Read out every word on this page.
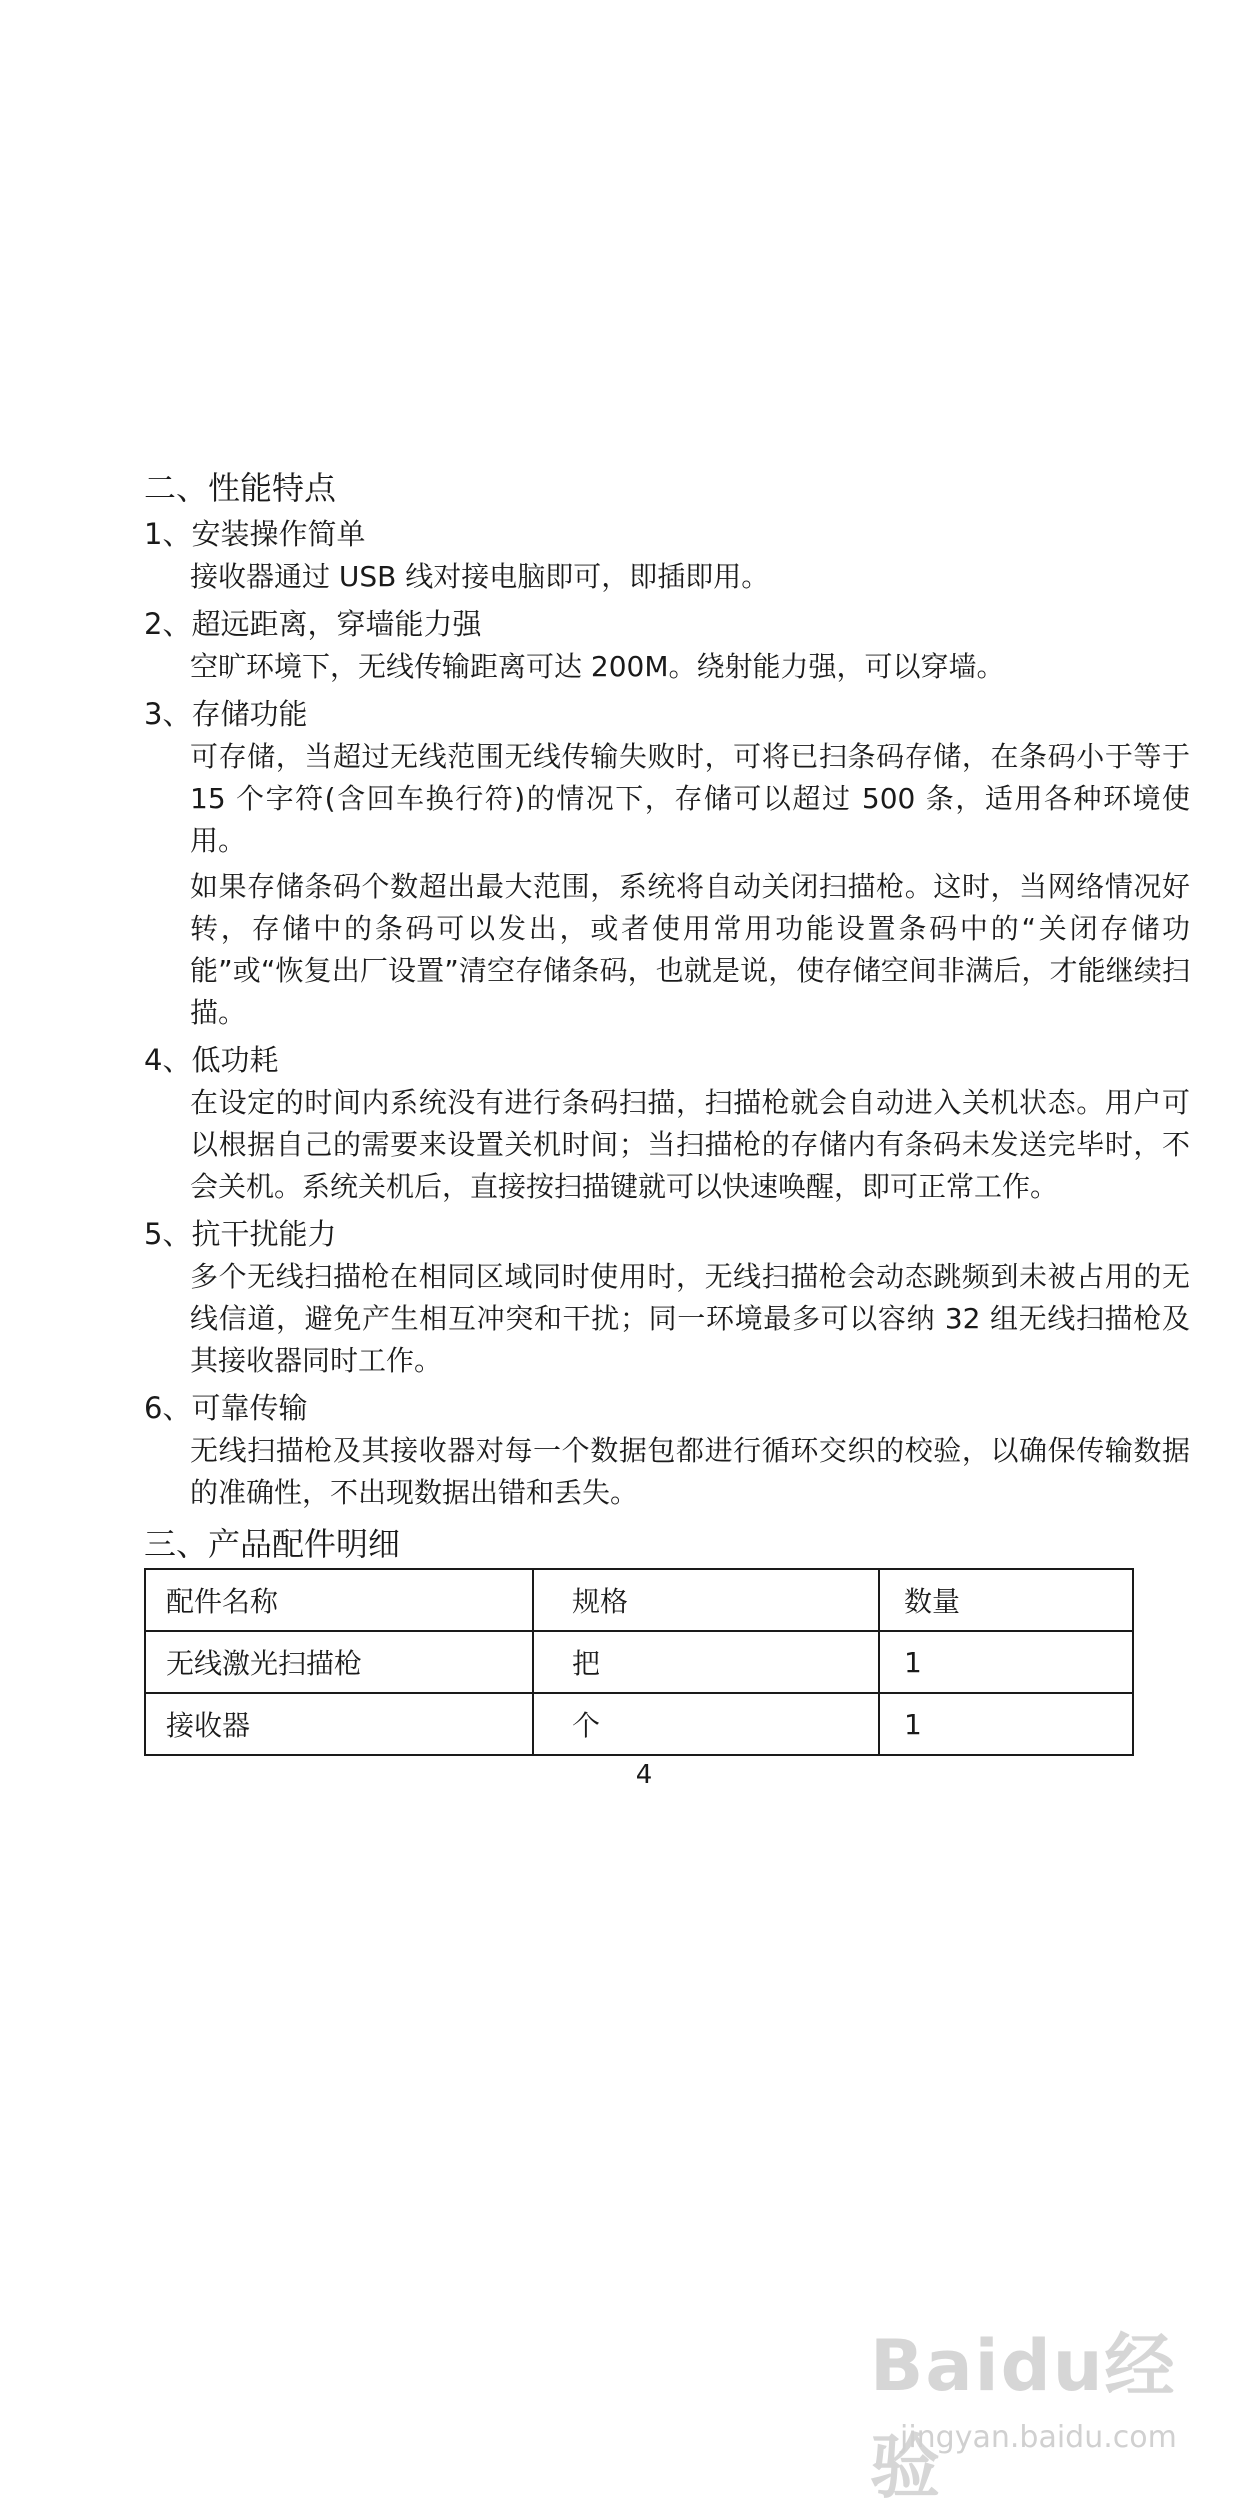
二、性能特点
1、安装操作简单
接收器通过 USB 线对接电脑即可，即插即用。
2、超远距离，穿墙能力强
空旷环境下，无线传输距离可达 200M。绕射能力强，可以穿墙。
3、存储功能
可存储，当超过无线范围无线传输失败时，可将已扫条码存储，在条码小于等于 15 个字符(含回车换行符)的情况下，存储可以超过 500 条，适用各种环境使用。
如果存储条码个数超出最大范围，系统将自动关闭扫描枪。这时，当网络情况好转，存储中的条码可以发出，或者使用常用功能设置条码中的“关闭存储功能”或“恢复出厂设置”清空存储条码，也就是说，使存储空间非满后，才能继续扫描。
4、低功耗
在设定的时间内系统没有进行条码扫描，扫描枪就会自动进入关机状态。用户可以根据自己的需要来设置关机时间；当扫描枪的存储内有条码未发送完毕时，不会关机。系统关机后，直接按扫描键就可以快速唤醒，即可正常工作。
5、抗干扰能力
多个无线扫描枪在相同区域同时使用时，无线扫描枪会动态跳频到未被占用的无线信道，避免产生相互冲突和干扰；同一环境最多可以容纳 32 组无线扫描枪及其接收器同时工作。
6、可靠传输
无线扫描枪及其接收器对每一个数据包都进行循环交织的校验，以确保传输数据的准确性，不出现数据出错和丢失。
三、产品配件明细
配件名称	规格	数量
无线激光扫描枪	把	1
接收器	个	1
4
Baidu经验
jingyan.baidu.com
